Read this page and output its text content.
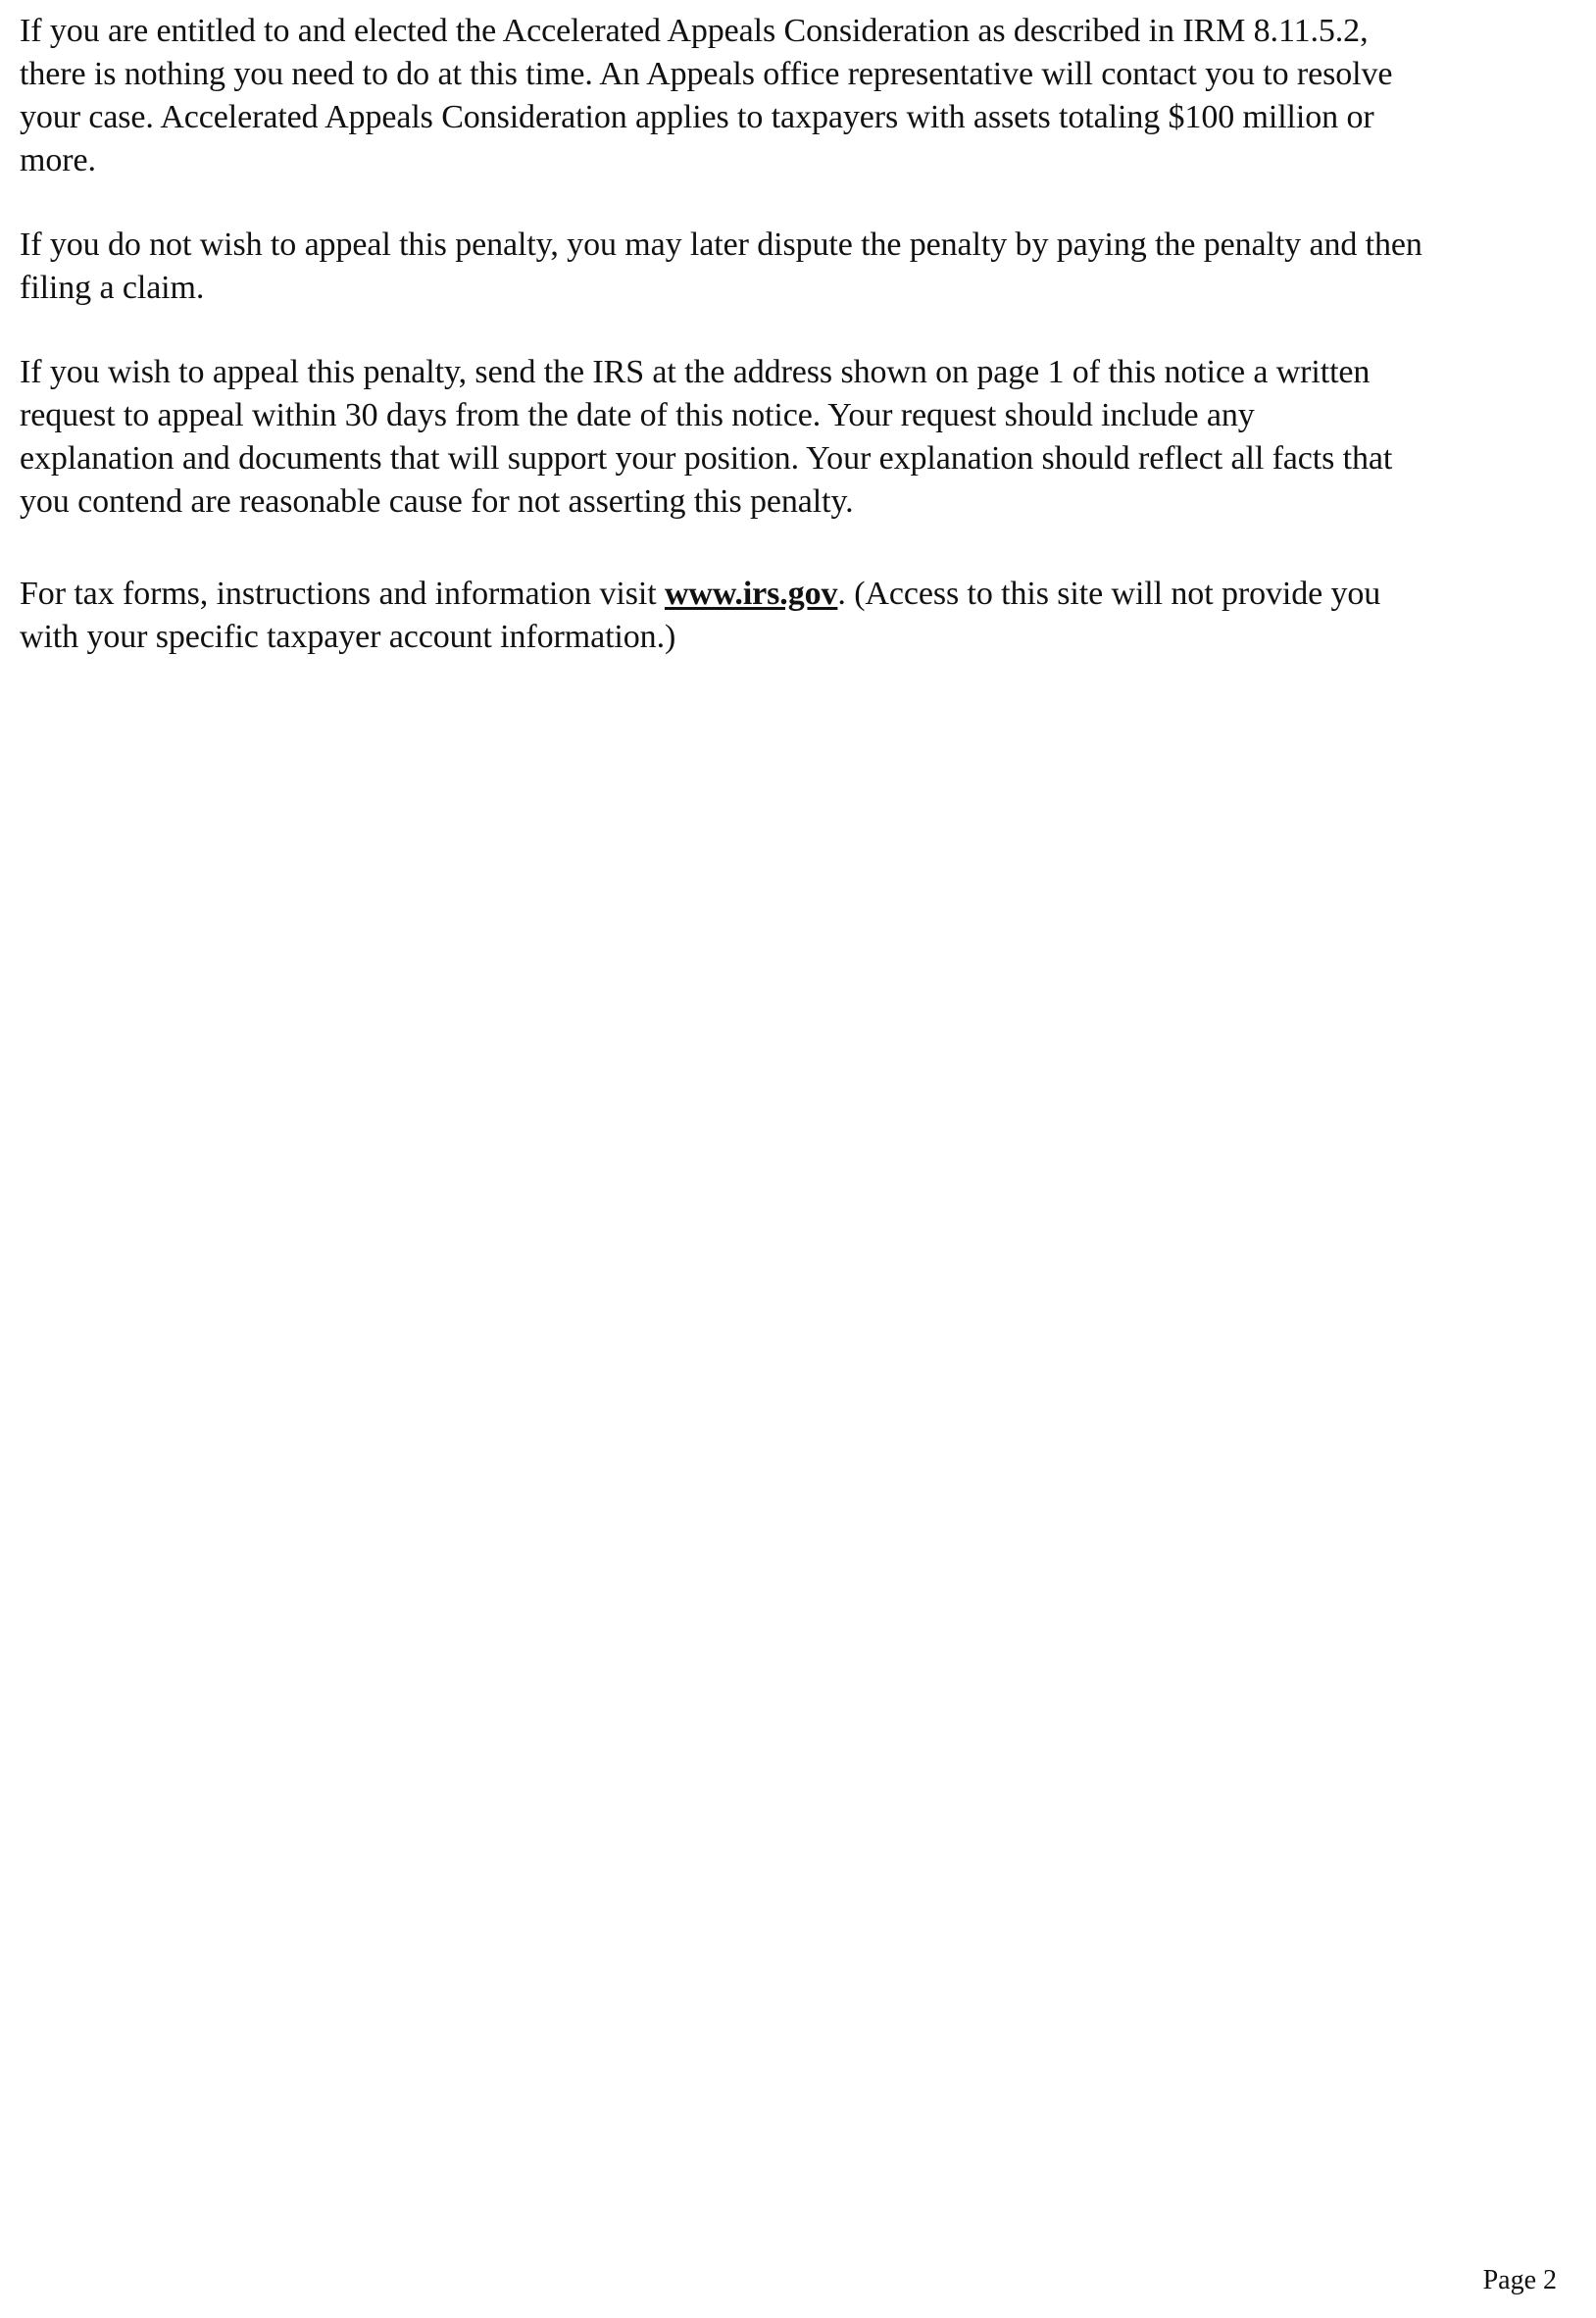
If you are entitled to and elected the Accelerated Appeals Consideration as described in IRM 8.11.5.2,
there is nothing you need to do at this time. An Appeals office representative will contact you to resolve
your case. Accelerated Appeals Consideration applies to taxpayers with assets totaling $100 million or
more.

If you do not wish to appeal this penalty, you may later dispute the penalty by paying the penalty and then
filing a claim.

If you wish to appeal this penalty, send the IRS at the address shown on page 1 of this notice a written
request to appeal within 30 days from the date of this notice. Your request should include any
explanation and documents that will support your position. Your explanation should reflect all facts that
you contend are reasonable cause for not asserting this penalty.

For tax forms, instructions and information visit www.irs.gov. (Access to this site will not provide you
with your specific taxpayer account information.)

Page 2
